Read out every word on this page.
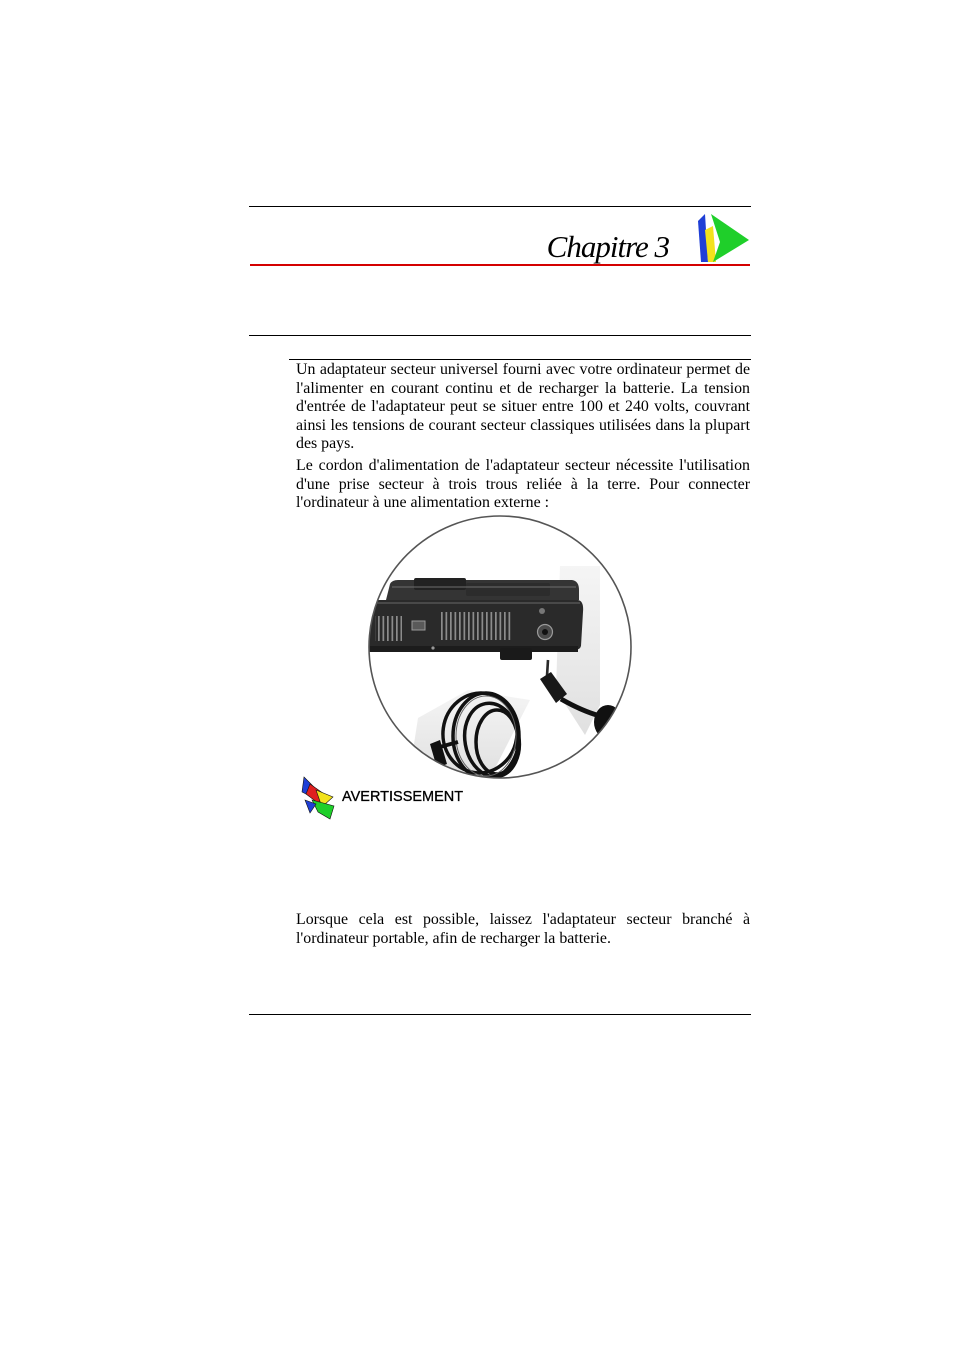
Chapitre 3
Un adaptateur secteur universel fourni avec votre ordinateur permet de
l'alimenter en courant continu et de recharger la batterie. La tension
d'entrée de l'adaptateur peut se situer entre 100 et 240 volts, couvrant
ainsi les tensions de courant secteur classiques utilisées dans la plupart
des pays.
Le cordon d'alimentation de l'adaptateur secteur nécessite l'utilisation
d'une prise secteur à trois trous reliée à la terre. Pour connecter
l'ordinateur à une alimentation externe :
AVERTISSEMENT
Lorsque cela est possible, laissez l'adaptateur secteur branché à
l'ordinateur portable, afin de recharger la batterie.
